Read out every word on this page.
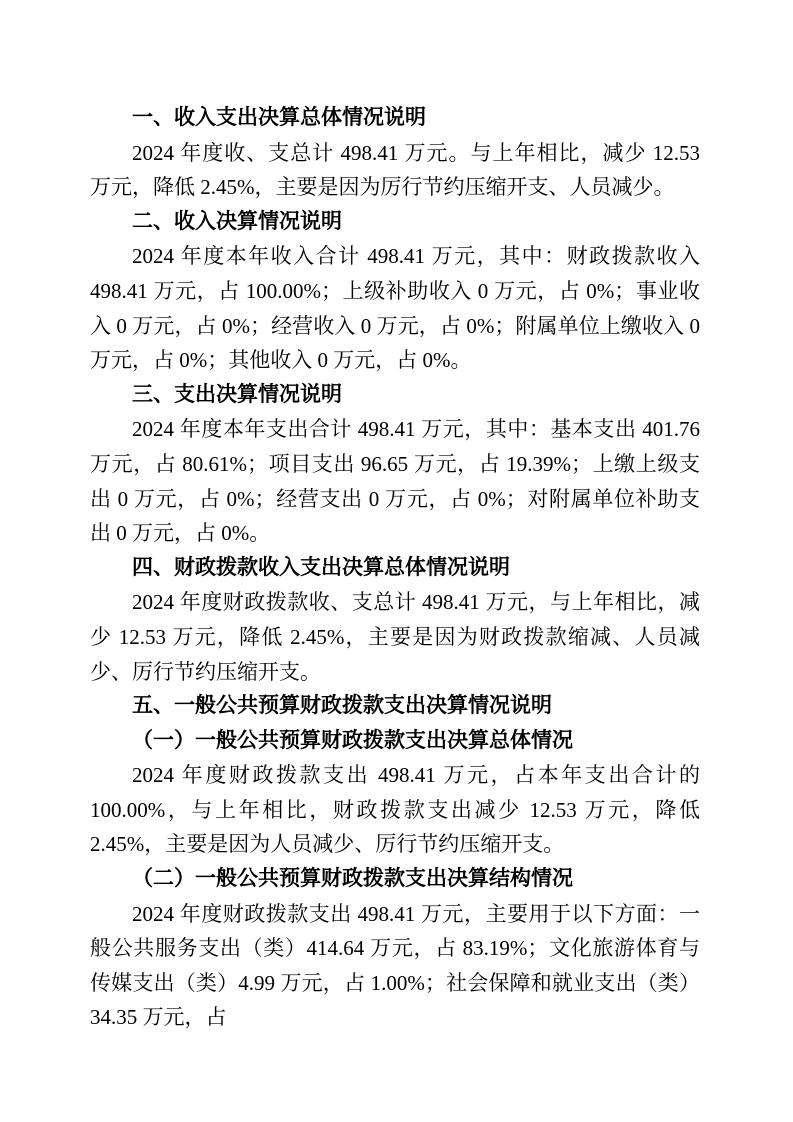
一、收入支出决算总体情况说明

2024 年度收、支总计 498.41 万元。与上年相比，减少 12.53 万元，降低 2.45%，主要是因为厉行节约压缩开支、人员减少。

二、收入决算情况说明

2024 年度本年收入合计 498.41 万元，其中：财政拨款收入 498.41 万元，占 100.00%；上级补助收入 0 万元，占 0%；事业收入 0 万元，占 0%；经营收入 0 万元，占 0%；附属单位上缴收入 0 万元，占 0%；其他收入 0 万元，占 0%。

三、支出决算情况说明

2024 年度本年支出合计 498.41 万元，其中：基本支出 401.76 万元，占 80.61%；项目支出 96.65 万元，占 19.39%；上缴上级支出 0 万元，占 0%；经营支出 0 万元，占 0%；对附属单位补助支出 0 万元，占 0%。

四、财政拨款收入支出决算总体情况说明

2024 年度财政拨款收、支总计 498.41 万元，与上年相比，减少 12.53 万元，降低 2.45%，主要是因为财政拨款缩减、人员减少、厉行节约压缩开支。

五、一般公共预算财政拨款支出决算情况说明
（一）一般公共预算财政拨款支出决算总体情况

2024 年度财政拨款支出 498.41 万元，占本年支出合计的 100.00%，与上年相比，财政拨款支出减少 12.53 万元，降低 2.45%，主要是因为人员减少、厉行节约压缩开支。

（二）一般公共预算财政拨款支出决算结构情况

2024 年度财政拨款支出 498.41 万元，主要用于以下方面：一般公共服务支出（类）414.64 万元，占 83.19%；文化旅游体育与传媒支出（类）4.99 万元，占 1.00%；社会保障和就业支出（类）34.35 万元，占
